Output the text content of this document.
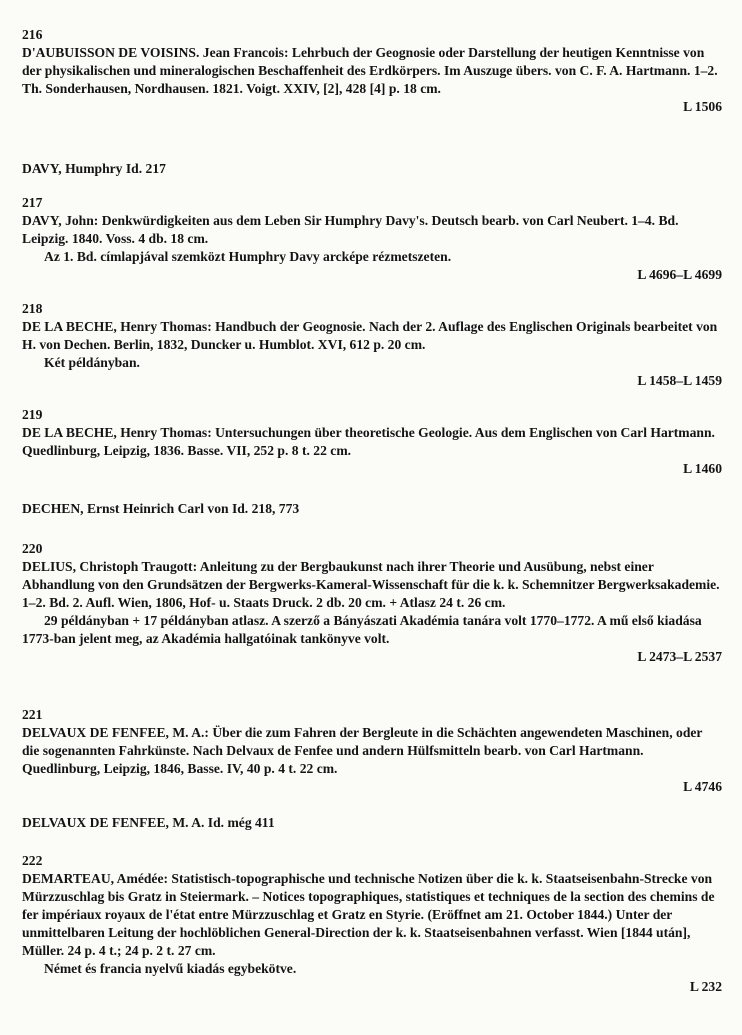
216
D'AUBUISSON DE VOISINS. Jean Francois: Lehrbuch der Geognosie oder Darstellung der heutigen Kenntnisse von der physikalischen und mineralogischen Beschaffenheit des Erdkörpers. Im Auszuge übers. von C. F. A. Hartmann. 1–2. Th. Sonderhausen, Nordhausen. 1821. Voigt. XXIV, [2], 428 [4] p. 18 cm.
L 1506
DAVY, Humphry Id. 217
217
DAVY, John: Denkwürdigkeiten aus dem Leben Sir Humphry Davy's. Deutsch bearb. von Carl Neubert. 1–4. Bd. Leipzig. 1840. Voss. 4 db. 18 cm.
Az 1. Bd. címlapjával szemközt Humphry Davy arcképe rézmetszeten.
L 4696–L 4699
218
DE LA BECHE, Henry Thomas: Handbuch der Geognosie. Nach der 2. Auflage des Englischen Originals bearbeitet von H. von Dechen. Berlin, 1832, Duncker u. Humblot. XVI, 612 p. 20 cm.
Két példányban.
L 1458–L 1459
219
DE LA BECHE, Henry Thomas: Untersuchungen über theoretische Geologie. Aus dem Englischen von Carl Hartmann. Quedlinburg, Leipzig, 1836. Basse. VII, 252 p. 8 t. 22 cm.
L 1460
DECHEN, Ernst Heinrich Carl von Id. 218, 773
220
DELIUS, Christoph Traugott: Anleitung zu der Bergbaukunst nach ihrer Theorie und Ausübung, nebst einer Abhandlung von den Grundsätzen der Bergwerks-Kameral-Wissenschaft für die k. k. Schemnitzer Bergwerksakademie. 1–2. Bd. 2. Aufl. Wien, 1806, Hof- u. Staats Druck. 2 db. 20 cm. + Atlasz 24 t. 26 cm.
29 példányban + 17 példányban atlasz. A szerző a Bányászati Akadémia tanára volt 1770–1772. A mű első kiadása 1773-ban jelent meg, az Akadémia hallgatóinak tankönyve volt.
L 2473–L 2537
221
DELVAUX DE FENFEE, M. A.: Über die zum Fahren der Bergleute in die Schächten angewendeten Maschinen, oder die sogenannten Fahrkünste. Nach Delvaux de Fenfee und andern Hülfsmitteln bearb. von Carl Hartmann. Quedlinburg, Leipzig, 1846, Basse. IV, 40 p. 4 t. 22 cm.
L 4746
DELVAUX DE FENFEE, M. A. Id. még 411
222
DEMARTEAU, Amédée: Statistisch-topographische und technische Notizen über die k. k. Staatseisenbahn-Strecke von Mürzzuschlag bis Gratz in Steiermark. – Notices topographiques, statistiques et techniques de la section des chemins de fer impériaux royaux de l'état entre Mürzzuschlag et Gratz en Styrie. (Eröffnet am 21. October 1844.) Unter der unmittelbaren Leitung der hochlöblichen General-Direction der k. k. Staatseisenbahnen verfasst. Wien [1844 után], Müller. 24 p. 4 t.; 24 p. 2 t. 27 cm.
Német és francia nyelvű kiadás egybekötve.
L 232
